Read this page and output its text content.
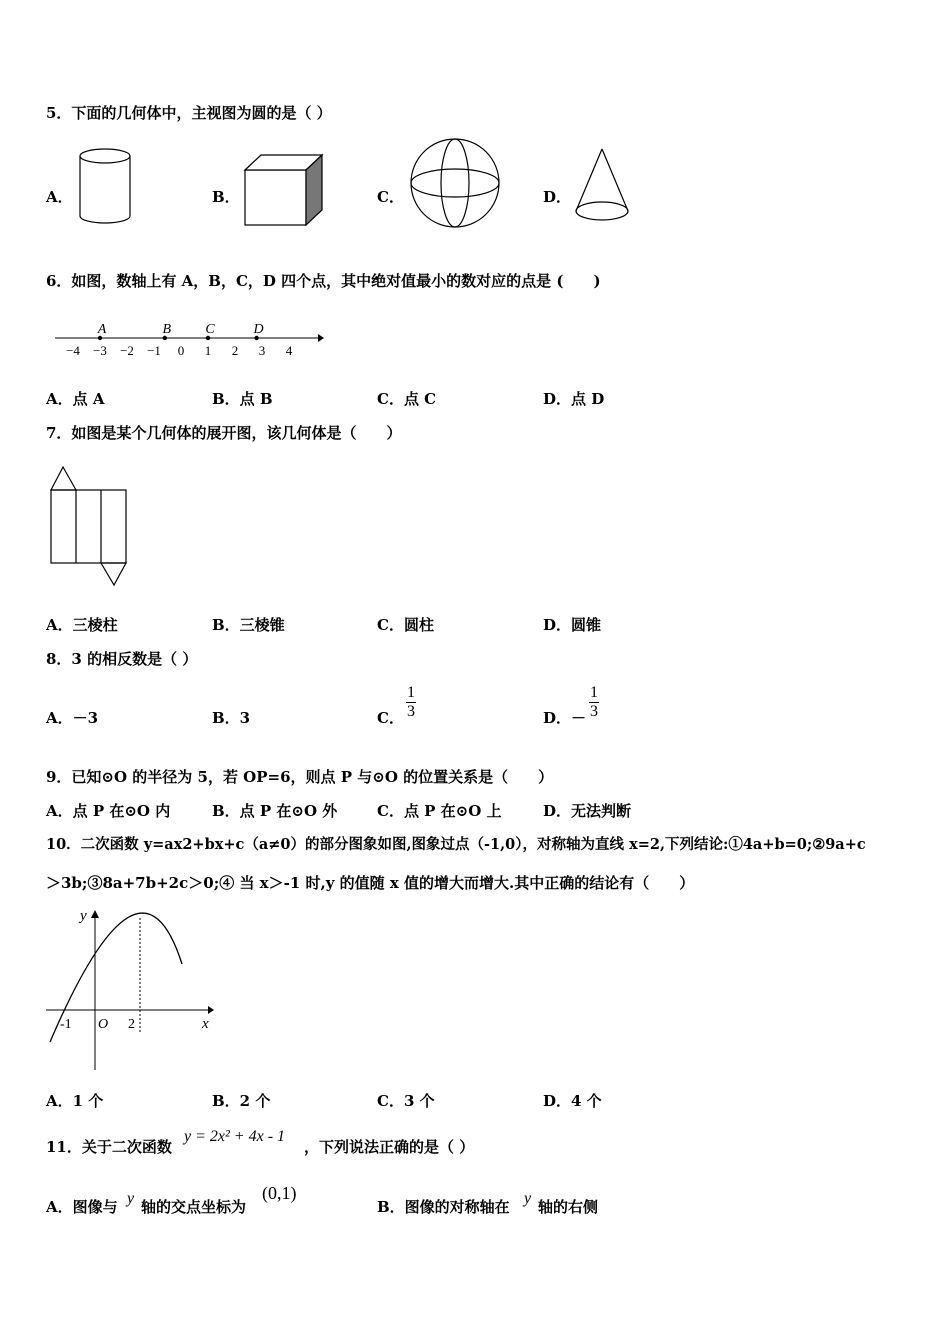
5．下面的几何体中，主视图为圆的是（ ）
A．	B．	C．	D．
6．如图，数轴上有 A，B，C，D 四个点，其中绝对值最小的数对应的点是 (　　)
−4 −3 −2 −1 0 1 2 3 4
A	B C	D
A．点 A	B．点 B	C．点 C	D．点 D
7．如图是某个几何体的展开图，该几何体是（　　）
A．三棱柱	B．三棱锥	C．圆柱	D．圆锥
8．3 的相反数是（ ）
A．－3	B．3	C． $\frac{1}{3}$	D．－ $\frac{1}{3}$
9．已知⊙O 的半径为 5，若 OP=6，则点 P 与⊙O 的位置关系是（　　）
A．点 P 在⊙O 内	B．点 P 在⊙O 外	C．点 P 在⊙O 上	D．无法判断
10．二次函数 y=ax2+bx+c（a≠0）的部分图象如图,图象过点（-1,0），对称轴为直线 x=2,下列结论:①4a+b=0;②9a+c
＞3b;③8a+7b+2c＞0;④ 当 x＞-1 时,y 的值随 x 值的增大而增大.其中正确的结论有（　　）
y
x
-1 O 2
A．1 个	B．2 个	C．3 个	D．4 个
11．关于二次函数
y = 2x² + 4x - 1
，下列说法正确的是（ ）
A．图像与 y 轴的交点坐标为
(0,1)
B．图像的对称轴在 y 轴的右侧
